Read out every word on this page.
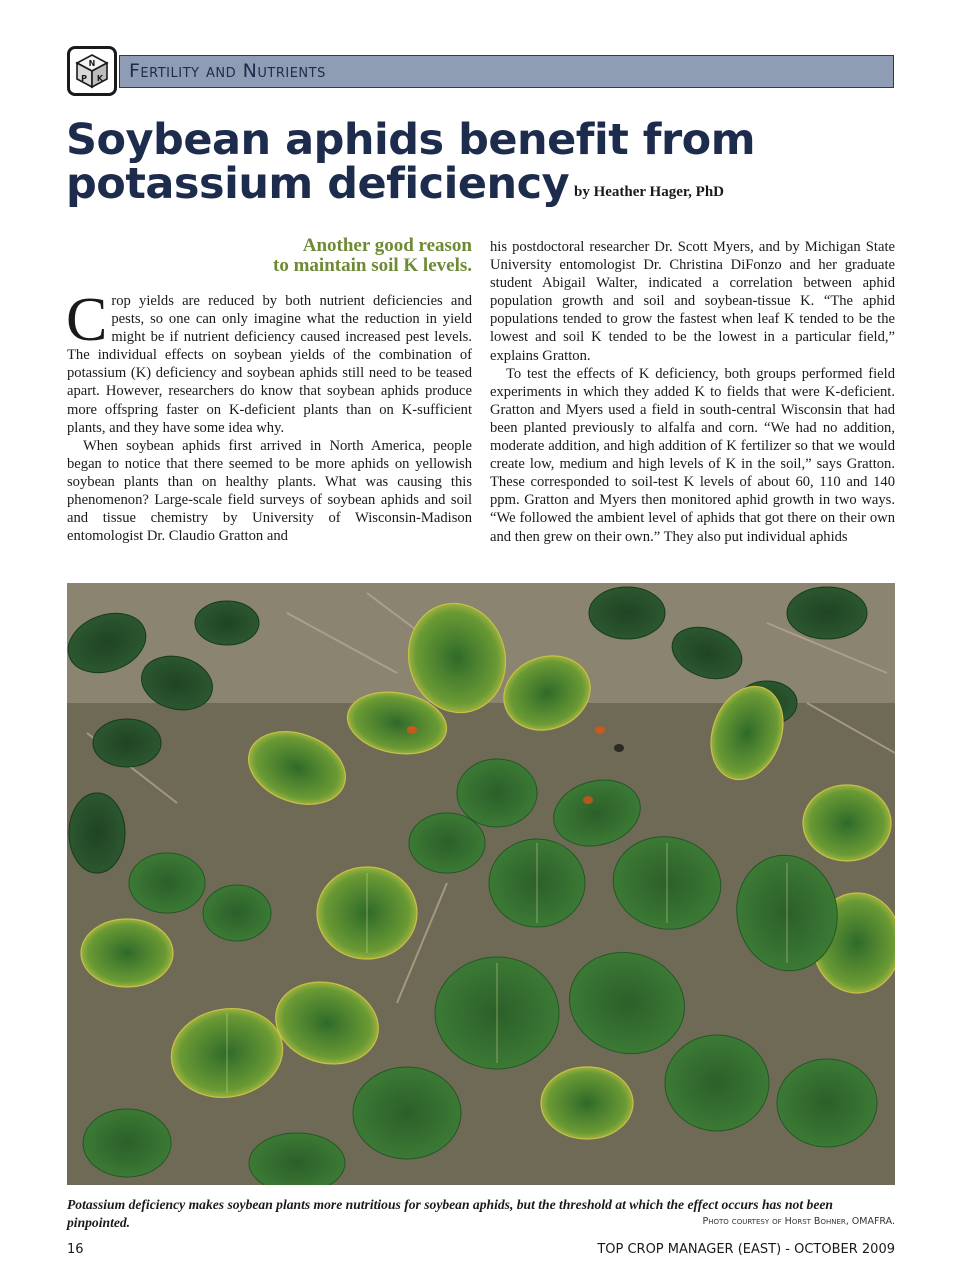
N
P K Fertility and Nutrients
Soybean aphids benefit from
potassium deficiency by Heather Hager, PhD
Another good reason
to maintain soil K levels.

Crop yields are reduced by both nutrient deficiencies and pests, so one can only imagine what the reduction in yield might be if nutrient deficiency caused increased pest levels. The individual effects on soybean yields of the combination of potassium (K) deficiency and soybean aphids still need to be teased apart. However, researchers do know that soybean aphids produce more offspring faster on K-deficient plants than on K-sufficient plants, and they have some idea why.

When soybean aphids first arrived in North America, people began to notice that there seemed to be more aphids on yellowish soybean plants than on healthy plants. What was causing this phenomenon? Large-scale field surveys of soybean aphids and soil and tissue chemistry by University of Wisconsin-Madison entomologist Dr. Claudio Gratton and

his postdoctoral researcher Dr. Scott Myers, and by Michigan State University entomologist Dr. Christina DiFonzo and her graduate student Abigail Walter, indicated a correlation between aphid population growth and soil and soybean-tissue K. “The aphid populations tended to grow the fastest when leaf K tended to be the lowest and soil K tended to be the lowest in a particular field,” explains Gratton.

To test the effects of K deficiency, both groups performed field experiments in which they added K to fields that were K-deficient. Gratton and Myers used a field in south-central Wisconsin that had been planted previously to alfalfa and corn. “We had no addition, moderate addition, and high addition of K fertilizer so that we would create low, medium and high levels of K in the soil,” says Gratton. These corresponded to soil-test K levels of about 60, 110 and 140 ppm. Gratton and Myers then monitored aphid growth in two ways. “We followed the ambient level of aphids that got there on their own and then grew on their own.” They also put individual aphids

Potassium deficiency makes soybean plants more nutritious for soybean aphids, but the threshold at which the effect occurs has not been pinpointed.	Photo courtesy of Horst Bohner, OMAFRA.
16	TOP CROP MANAGER (EAST) - OCTOBER 2009
